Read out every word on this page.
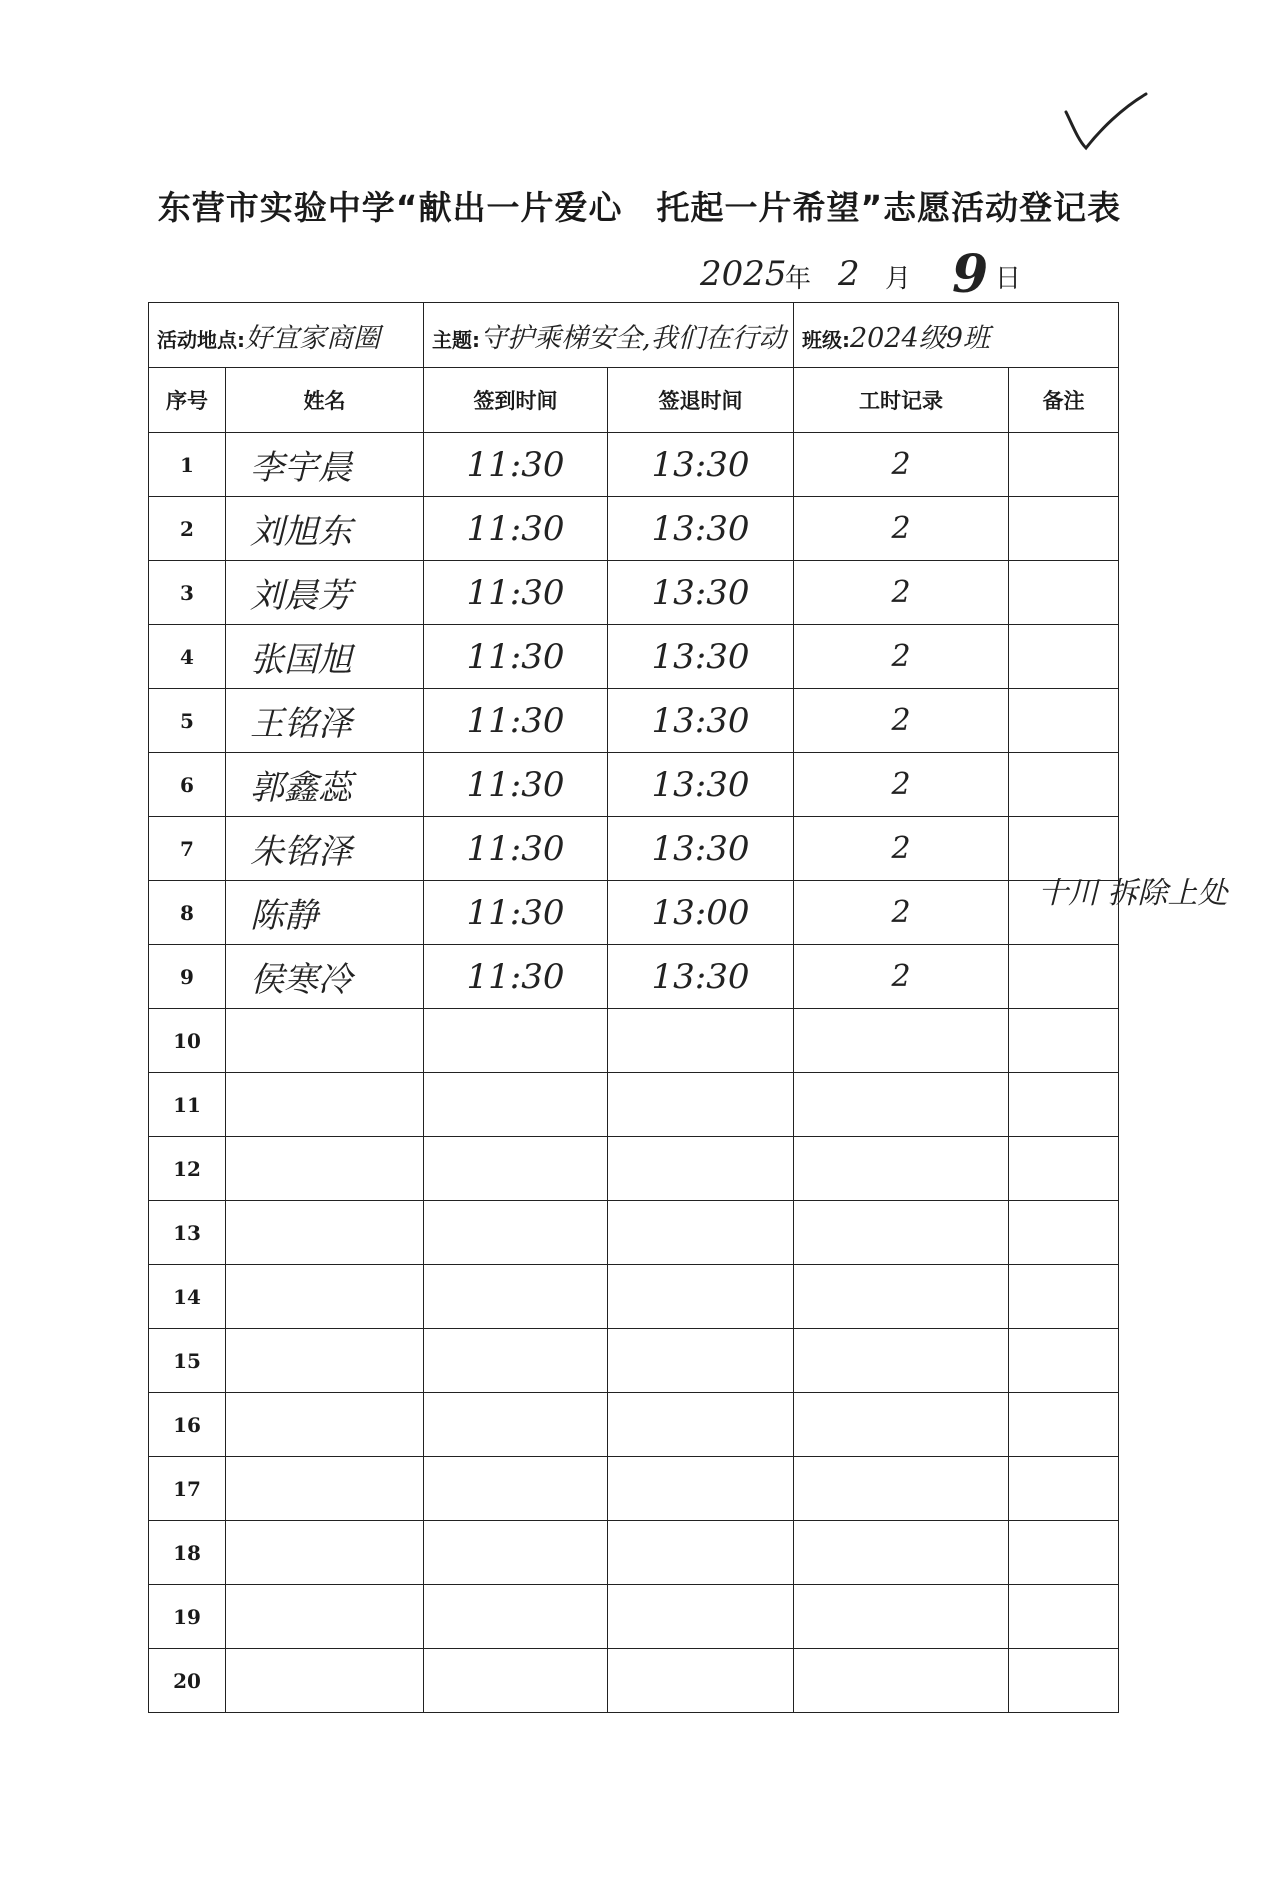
东营市实验中学“献出一片爱心　托起一片希望”志愿活动登记表
2025
年 2 月 9 日
活动地点:好宜家商圈		主题:守护乘梯安全,我们在行动		班级:2024级9班	
序号	姓名	签到时间	签退时间	工时记录	备注
1	李宇晨	11:30	13:30	2	
2	刘旭东	11:30	13:30	2	
3	刘晨芳	11:30	13:30	2	
4	张国旭	11:30	13:30	2	
5	王铭泽	11:30	13:30	2	
6	郭鑫蕊	11:30	13:30	2	
7	朱铭泽	11:30	13:30	2	
8	陈静	11:30	13:00	2	
9	侯寒冷	11:30	13:30	2	
10					
11					
12					
13					
14					
15					
16					
17					
18					
19					
20					
十川 拆除上处
